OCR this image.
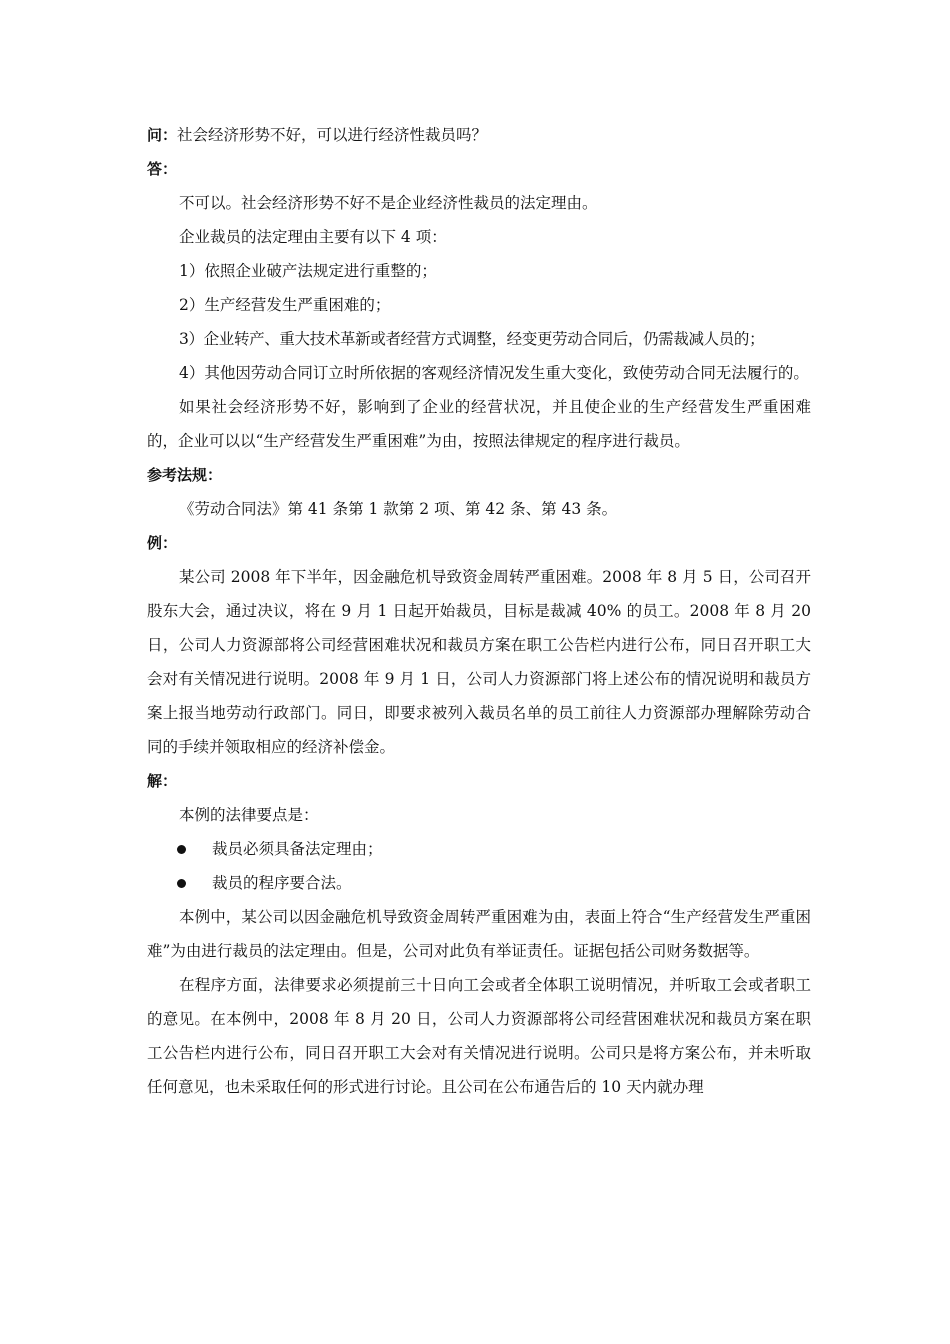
问：社会经济形势不好，可以进行经济性裁员吗？

答：

不可以。社会经济形势不好不是企业经济性裁员的法定理由。

企业裁员的法定理由主要有以下 4 项：

1）依照企业破产法规定进行重整的；

2）生产经营发生严重困难的；

3）企业转产、重大技术革新或者经营方式调整，经变更劳动合同后，仍需裁减人员的；

4）其他因劳动合同订立时所依据的客观经济情况发生重大变化，致使劳动合同无法履行的。

如果社会经济形势不好，影响到了企业的经营状况，并且使企业的生产经营发生严重困难的，企业可以以“生产经营发生严重困难”为由，按照法律规定的程序进行裁员。

参考法规：

《劳动合同法》第 41 条第 1 款第 2 项、第 42 条、第 43 条。

例：

某公司 2008 年下半年，因金融危机导致资金周转严重困难。2008 年 8 月 5 日，公司召开股东大会，通过决议，将在 9 月 1 日起开始裁员，目标是裁减 40% 的员工。2008 年 8 月 20 日，公司人力资源部将公司经营困难状况和裁员方案在职工公告栏内进行公布，同日召开职工大会对有关情况进行说明。2008 年 9 月 1 日，公司人力资源部门将上述公布的情况说明和裁员方案上报当地劳动行政部门。同日，即要求被列入裁员名单的员工前往人力资源部办理解除劳动合同的手续并领取相应的经济补偿金。

解：

本例的法律要点是：

裁员必须具备法定理由；
裁员的程序要合法。

本例中，某公司以因金融危机导致资金周转严重困难为由，表面上符合“生产经营发生严重困难”为由进行裁员的法定理由。但是，公司对此负有举证责任。证据包括公司财务数据等。

在程序方面，法律要求必须提前三十日向工会或者全体职工说明情况，并听取工会或者职工的意见。在本例中，2008 年 8 月 20 日，公司人力资源部将公司经营困难状况和裁员方案在职工公告栏内进行公布，同日召开职工大会对有关情况进行说明。公司只是将方案公布，并未听取任何意见，也未采取任何的形式进行讨论。且公司在公布通告后的 10 天内就办理
